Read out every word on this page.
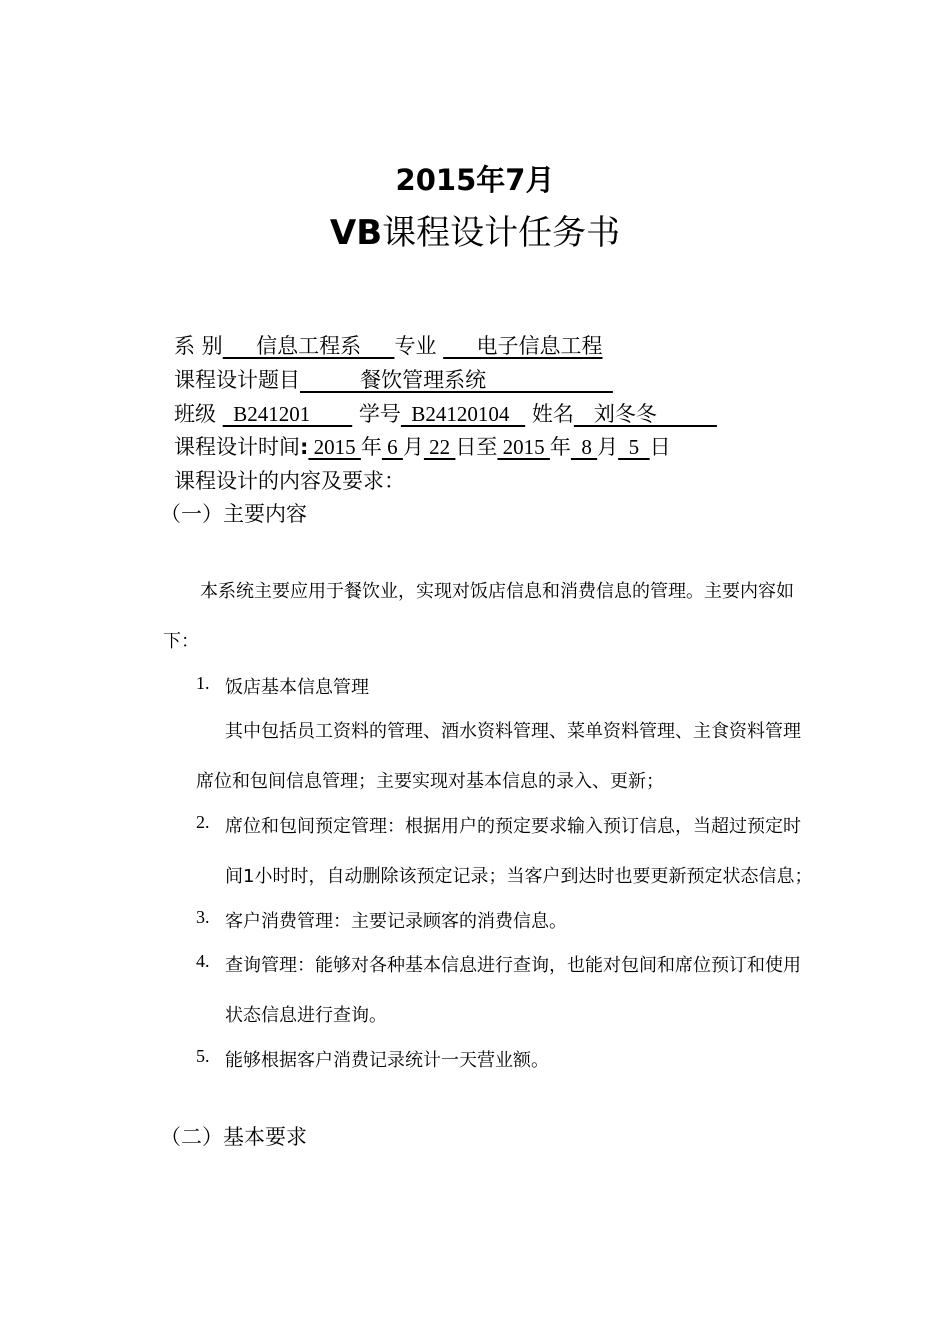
2015年7月
VB课程设计任务书
系 别     信息工程系     专业      电子信息工程
课程设计题目         餐饮管理系统
班级   B241201         学号  B24120104    姓名   刘冬冬
课程设计时间: 2015 年 6 月 22 日至 2015 年  8 月  5  日
课程设计的内容及要求：
（一）主要内容
本系统主要应用于餐饮业，实现对饭店信息和消费信息的管理。主要内容如
下：
1. 饭店基本信息管理
其中包括员工资料的管理、酒水资料管理、菜单资料管理、主食资料管理
席位和包间信息管理；主要实现对基本信息的录入、更新；
2. 席位和包间预定管理：根据用户的预定要求输入预订信息，当超过预定时
间1小时时，自动删除该预定记录；当客户到达时也要更新预定状态信息；
3. 客户消费管理：主要记录顾客的消费信息。
4. 查询管理：能够对各种基本信息进行查询，也能对包间和席位预订和使用
状态信息进行查询。
5. 能够根据客户消费记录统计一天营业额。
（二）基本要求
